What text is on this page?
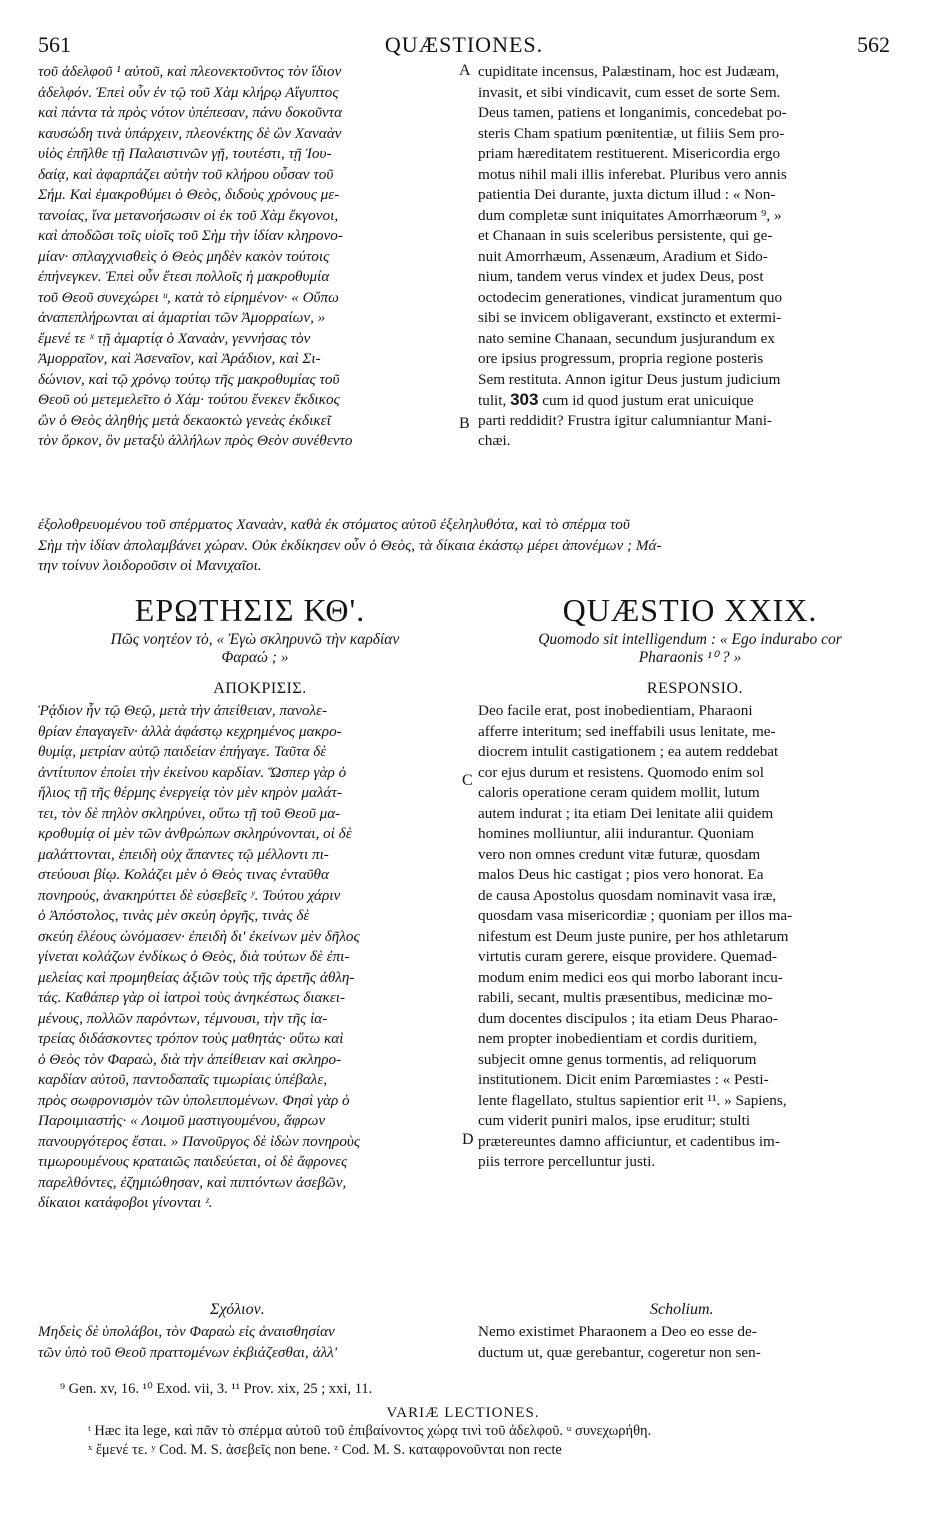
561	QUÆSTIONES.	562
A
B
C
D
τοῦ ἀδελφοῦ ¹ αὐτοῦ, καὶ πλεονεκτοῦντος τὸν ἴδιον
ἀδελφόν. Ἐπεὶ οὖν ἐν τῷ τοῦ Χὰμ κλήρῳ Αἴγυπτος
καὶ πάντα τὰ πρὸς νότον ὑπέπεσαν, πάνυ δοκοῦντα
καυσώδη τινὰ ὑπάρχειν, πλεονέκτης δὲ ὢν Χαναὰν
υἱὸς ἐπῆλθε τῇ Παλαιστινῶν γῇ, τουτέστι, τῇ Ἰου-
δαίᾳ, καὶ ἀφαρπάζει αὐτὴν τοῦ κλήρου οὖσαν τοῦ
Σήμ. Καὶ ἐμακροθύμει ὁ Θεὸς, διδοὺς χρόνους με-
τανοίας, ἵνα μετανοήσωσιν οἱ ἐκ τοῦ Χὰμ ἔκγονοι,
καὶ ἀποδῶσι τοῖς υἱοῖς τοῦ Σὴμ τὴν ἰδίαν κληρονο-
μίαν· σπλαγχνισθεὶς ὁ Θεὸς μηδὲν κακὸν τούτοις
ἐπήνεγκεν. Ἐπεὶ οὖν ἔτεσι πολλοῖς ἡ μακροθυμία
τοῦ Θεοῦ συνεχώρει ᵘ, κατὰ τὸ εἰρημένον· « Οὔπω
ἀναπεπλήρωνται αἱ ἁμαρτίαι τῶν Ἀμορραίων, »
ἔμενέ τε ˣ τῇ ἁμαρτίᾳ ὁ Χαναὰν, γεννήσας τὸν
Ἀμορραῖον, καὶ Ἀσεναῖον, καὶ Ἀράδιον, καὶ Σι-
δώνιον, καὶ τῷ χρόνῳ τούτῳ τῆς μακροθυμίας τοῦ
Θεοῦ οὐ μετεμελεῖτο ὁ Χάμ· τούτου ἕνεκεν ἔκδικος
ὢν ὁ Θεὸς ἀληθὴς μετὰ δεκαοκτὼ γενεὰς ἐκδικεῖ
τὸν ὅρκον, ὃν μεταξὺ ἀλλήλων πρὸς Θεὸν συνέθεντο
cupiditate incensus, Palæstinam, hoc est Judæam,
invasit, et sibi vindicavit, cum esset de sorte Sem.
Deus tamen, patiens et longanimis, concedebat po-
steris Cham spatium pœnitentiæ, ut filiis Sem pro-
priam hæreditatem restituerent. Misericordia ergo
motus nihil mali illis inferebat. Pluribus vero annis
patientia Dei durante, juxta dictum illud : « Non-
dum completæ sunt iniquitates Amorrhæorum ⁹, »
et Chanaan in suis sceleribus persistente, qui ge-
nuit Amorrhæum, Assenæum, Aradium et Sido-
nium, tandem verus vindex et judex Deus, post
octodecim generationes, vindicat juramentum quo
sibi se invicem obligaverant, exstincto et extermi-
nato semine Chanaan, secundum jusjurandum ex
ore ipsius progressum, propria regione posteris
Sem restituta. Annon igitur Deus justum judicium
tulit, 303 cum id quod justum erat unicuique
parti reddidit? Frustra igitur calumniantur Mani-
chæi.
ἐξολοθρευομένου τοῦ σπέρματος Χαναὰν, καθὰ ἐκ στόματος αὐτοῦ ἐξεληλυθότα, καὶ τὸ σπέρμα τοῦ
Σὴμ τὴν ἰδίαν ἀπολαμβάνει χώραν. Οὐκ ἐκδίκησεν οὖν ὁ Θεὸς, τὰ δίκαια ἑκάστῳ μέρει ἀπονέμων ; Μά-
την τοίνυν λοιδοροῦσιν οἱ Μανιχαῖοι.
ΕΡΩΤΗΣΙΣ ΚΘ'.	QUÆSTIO XXIX.
Πῶς νοητέον τὸ, « Ἐγὼ σκληρυνῶ τὴν καρδίαν
Φαραώ ; »
Quomodo sit intelligendum : « Ego indurabo cor
Pharaonis ¹⁰ ? »
ΑΠΟΚΡΙΣΙΣ.	RESPONSIO.
Ῥᾴδιον ἦν τῷ Θεῷ, μετὰ τὴν ἀπείθειαν, πανολε-
θρίαν ἐπαγαγεῖν· ἀλλὰ ἀφάστῳ κεχρημένος μακρο-
θυμίᾳ, μετρίαν αὐτῷ παιδείαν ἐπήγαγε. Ταῦτα δὲ
ἀντίτυπον ἐποίει τὴν ἐκείνου καρδίαν. Ὥσπερ γὰρ ὁ
ἥλιος τῇ τῆς θέρμης ἐνεργείᾳ τὸν μὲν κηρὸν μαλάτ-
τει, τὸν δὲ πηλὸν σκληρύνει, οὕτω τῇ τοῦ Θεοῦ μα-
κροθυμίᾳ οἱ μὲν τῶν ἀνθρώπων σκληρύνονται, οἱ δὲ
μαλάττονται, ἐπειδὴ οὐχ ἅπαντες τῷ μέλλοντι πι-
στεύουσι βίῳ. Κολάζει μὲν ὁ Θεὸς τινας ἐνταῦθα
πονηρούς, ἀνακηρύττει δὲ εὐσεβεῖς ʸ. Τούτου χάριν
ὁ Ἀπόστολος, τινὰς μὲν σκεύη ὀργῆς, τινὰς δὲ
σκεύη ἐλέους ὠνόμασεν· ἐπειδὴ δι' ἐκείνων μὲν δῆλος
γίνεται κολάζων ἐνδίκως ὁ Θεὸς, διὰ τούτων δὲ ἐπι-
μελείας καὶ προμηθείας ἀξιῶν τοὺς τῆς ἀρετῆς ἀθλη-
τάς. Καθάπερ γὰρ οἱ ἰατροὶ τοὺς ἀνηκέστως διακει-
μένους, πολλῶν παρόντων, τέμνουσι, τὴν τῆς ἰα-
τρείας διδάσκοντες τρόπον τοὺς μαθητάς· οὕτω καὶ
ὁ Θεὸς τὸν Φαραὼ, διὰ τὴν ἀπείθειαν καὶ σκληρο-
καρδίαν αὐτοῦ, παντοδαπαῖς τιμωρίαις ὑπέβαλε,
πρὸς σωφρονισμὸν τῶν ὑπολειπομένων. Φησὶ γὰρ ὁ
Παροιμιαστής· « Λοιμοῦ μαστιγουμένου, ἄφρων
πανουργότερος ἔσται. » Πανοῦργος δὲ ἰδὼν πονηροὺς
τιμωρουμένους κραταιῶς παιδεύεται, οἱ δὲ ἄφρονες
παρελθόντες, ἐζημιώθησαν, καὶ πιπτόντων ἀσεβῶν,
δίκαιοι κατάφοβοι γίνονται ᶻ.
Deo facile erat, post inobedientiam, Pharaoni
afferre interitum; sed ineffabili usus lenitate, me-
diocrem intulit castigationem ; ea autem reddebat
cor ejus durum et resistens. Quomodo enim sol
caloris operatione ceram quidem mollit, lutum
autem indurat ; ita etiam Dei lenitate alii quidem
homines molliuntur, alii indurantur. Quoniam
vero non omnes credunt vitæ futuræ, quosdam
malos Deus hic castigat ; pios vero honorat. Ea
de causa Apostolus quosdam nominavit vasa iræ,
quosdam vasa misericordiæ ; quoniam per illos ma-
nifestum est Deum juste punire, per hos athletarum
virtutis curam gerere, eisque providere. Quemad-
modum enim medici eos qui morbo laborant incu-
rabili, secant, multis præsentibus, medicinæ mo-
dum docentes discipulos ; ita etiam Deus Pharao-
nem propter inobedientiam et cordis duritiem,
subjecit omne genus tormentis, ad reliquorum
institutionem. Dicit enim Parœmiastes : « Pesti-
lente flagellato, stultus sapientior erit ¹¹. » Sapiens,
cum viderit puniri malos, ipse eruditur; stulti
prætereuntes damno afficiuntur, et cadentibus im-
piis terrore percelluntur justi.
Σχόλιον.	Scholium.
Μηδεὶς δὲ ὑπολάβοι, τὸν Φαραὼ εἰς ἀναισθησίαν
τῶν ὑπὸ τοῦ Θεοῦ πραττομένων ἐκβιάζεσθαι, ἀλλ'
Nemo existimet Pharaonem a Deo eo esse de-
ductum ut, quæ gerebantur, cogeretur non sen-
⁹ Gen. xv, 16. ¹⁰ Exod. vii, 3. ¹¹ Prov. xix, 25 ; xxi, 11.
VARIÆ LECTIONES.
ᵗ Hæc ita lege, καὶ πᾶν τὸ σπέρμα αὐτοῦ τοῦ ἐπιβαίνοντος χώρᾳ τινὶ τοῦ ἀδελφοῦ. ᵘ συνεχωρήθη.
ˣ ἔμενέ τε. ʸ Cod. M. S. ἀσεβεῖς non bene. ᶻ Cod. M. S. καταφρονοῦνται non recte
